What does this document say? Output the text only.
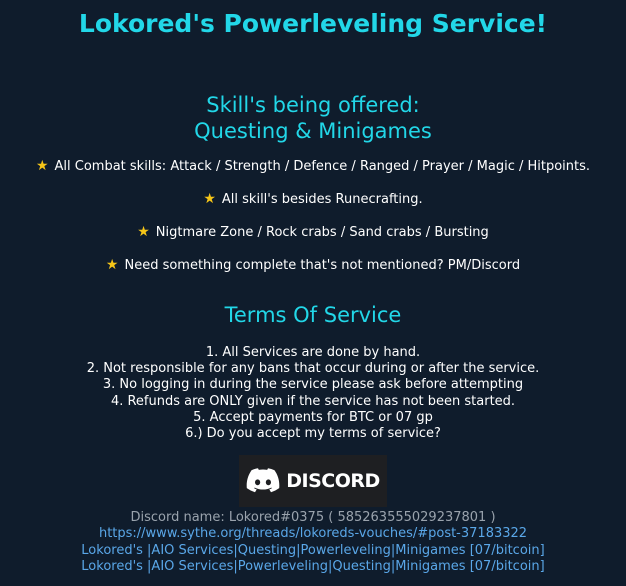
Lokored's Powerleveling Service!
Skill's being offered:
Questing & Minigames
★ All Combat skills: Attack / Strength / Defence / Ranged / Prayer / Magic / Hitpoints.
★ All skill's besides Runecrafting.
★ Nigtmare Zone / Rock crabs / Sand crabs / Bursting
★ Need something complete that's not mentioned? PM/Discord
Terms Of Service
1. All Services are done by hand.
2. Not responsible for any bans that occur during or after the service.
3. No logging in during the service please ask before attempting
4. Refunds are ONLY given if the service has not been started.
5. Accept payments for BTC or 07 gp
6.) Do you accept my terms of service?
DISCORD
Discord name: Lokored#0375 ( 585263555029237801 )
https://www.sythe.org/threads/lokoreds-vouches/#post-37183322
Lokored's |AIO Services|Questing|Powerleveling|Minigames [07/bitcoin]
Lokored's |AIO Services|Powerleveling|Questing|Minigames [07/bitcoin]
